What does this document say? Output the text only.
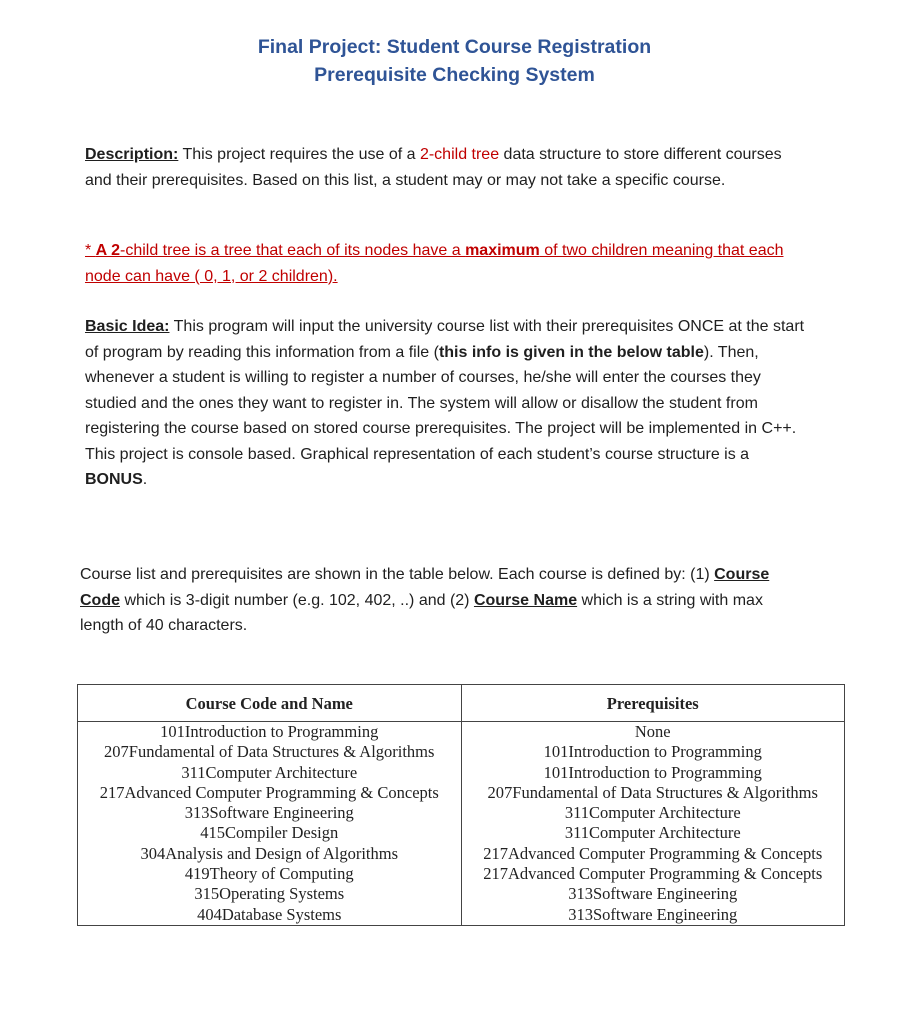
Final Project: Student Course Registration
Prerequisite Checking System
Description: This project requires the use of a 2-child tree data structure to store different courses and their prerequisites. Based on this list, a student may or may not take a specific course.
* A 2-child tree is a tree that each of its nodes have a maximum of two children meaning that each node can have ( 0, 1, or 2 children).
Basic Idea: This program will input the university course list with their prerequisites ONCE at the start of program by reading this information from a file (this info is given in the below table). Then, whenever a student is willing to register a number of courses, he/she will enter the courses they studied and the ones they want to register in. The system will allow or disallow the student from registering the course based on stored course prerequisites. The project will be implemented in C++. This project is console based. Graphical representation of each student’s course structure is a BONUS.
Course list and prerequisites are shown in the table below. Each course is defined by: (1) Course Code which is 3-digit number (e.g. 102, 402, ..) and (2) Course Name which is a string with max length of 40 characters.
Course Code and Name	Prerequisites
101Introduction to Programming	None
207Fundamental of Data Structures & Algorithms	101Introduction to Programming
311Computer Architecture	101Introduction to Programming
217Advanced Computer Programming & Concepts	207Fundamental of Data Structures & Algorithms
313Software Engineering	311Computer Architecture
415Compiler Design	311Computer Architecture
304Analysis and Design of Algorithms	217Advanced Computer Programming & Concepts
419Theory of Computing	217Advanced Computer Programming & Concepts
315Operating Systems	313Software Engineering
404Database Systems	313Software Engineering
